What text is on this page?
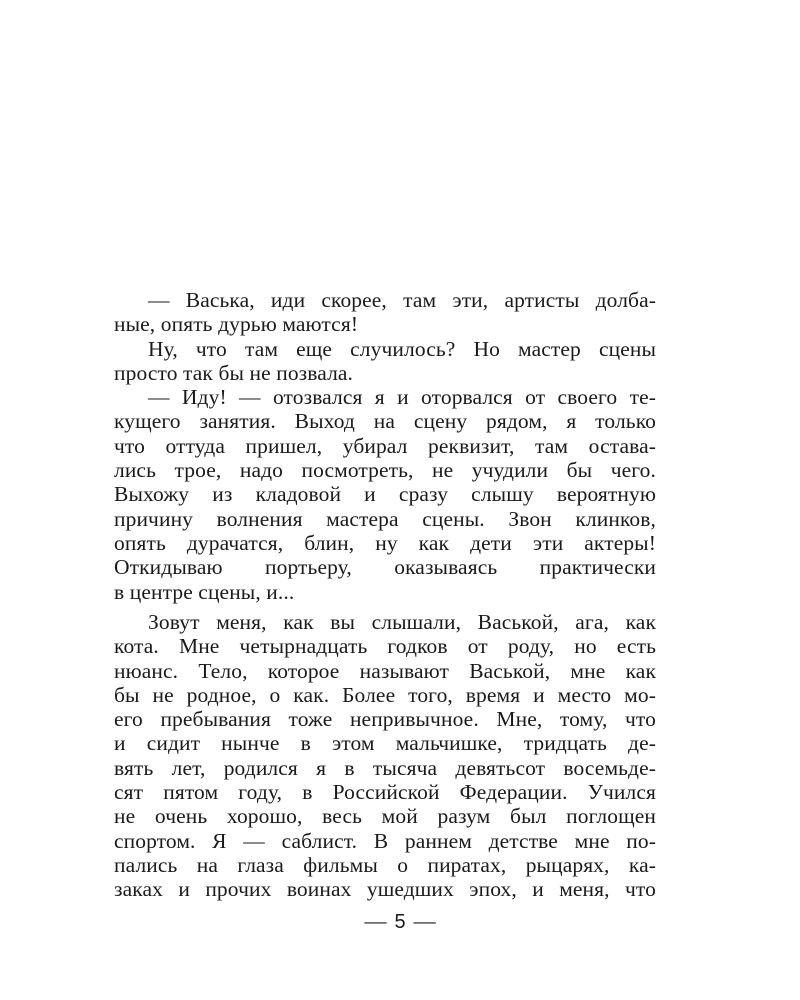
— Васька, иди скорее, там эти, артисты долба-
ные, опять дурью маются!
Ну, что там еще случилось? Но мастер сцены
просто так бы не позвала.
— Иду! — отозвался я и оторвался от своего те-
кущего занятия. Выход на сцену рядом, я только
что оттуда пришел, убирал реквизит, там остава-
лись трое, надо посмотреть, не учудили бы чего.
Выхожу из кладовой и сразу слышу вероятную
причину волнения мастера сцены. Звон клинков,
опять дурачатся, блин, ну как дети эти актеры!
Откидываю портьеру, оказываясь практически
в центре сцены, и...
Зовут меня, как вы слышали, Васькой, ага, как
кота. Мне четырнадцать годков от роду, но есть
нюанс. Тело, которое называют Васькой, мне как
бы не родное, о как. Более того, время и место мо-
его пребывания тоже непривычное. Мне, тому, что
и сидит нынче в этом мальчишке, тридцать де-
вять лет, родился я в тысяча девятьсот восемьде-
сят пятом году, в Российской Федерации. Учился
не очень хорошо, весь мой разум был поглощен
спортом. Я — саблист. В раннем детстве мне по-
пались на глаза фильмы о пиратах, рыцарях, ка-
заках и прочих воинах ушедших эпох, и меня, что
— 5 —
